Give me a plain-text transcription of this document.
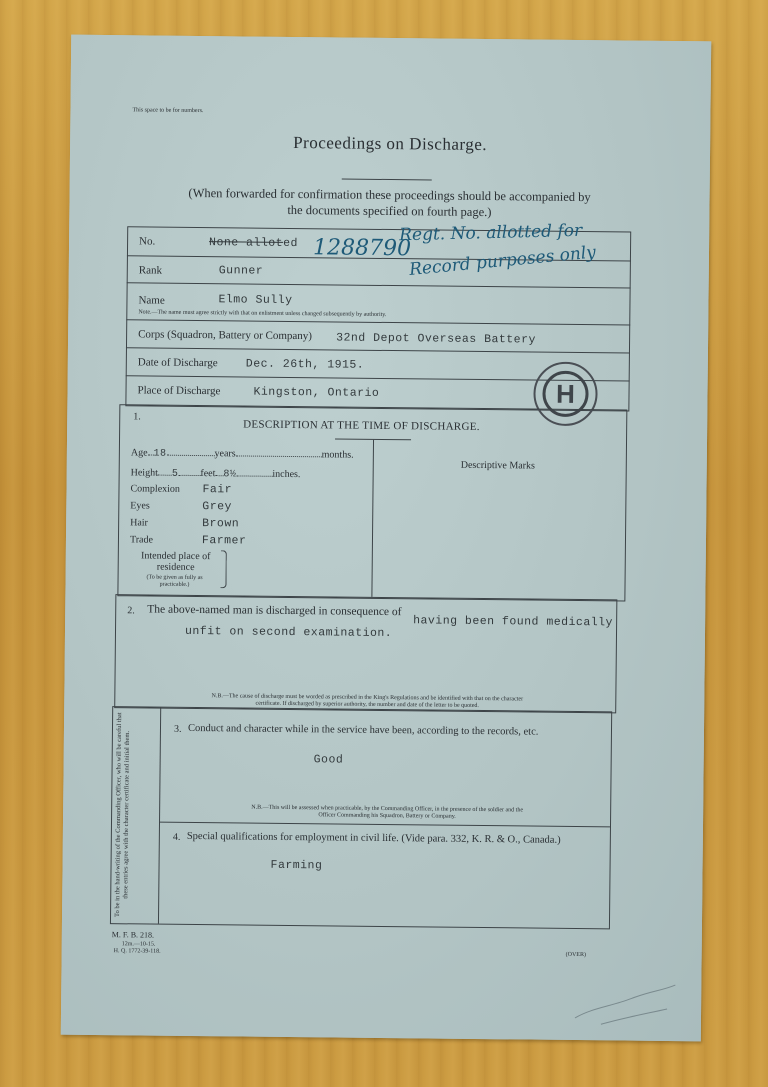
This space to be for numbers.
Proceedings on Discharge.
(When forwarded for confirmation these proceedings should be accompanied by
the documents specified on fourth page.)
No.	None alloted 1288790
Regt. No. allotted for
Record purposes only
Rank	Gunner
Name	Elmo Sully
Note.—The name must agree strictly with that on enlistment unless changed subsequently by authority.
Corps (Squadron, Battery or Company) 32nd Depot Overseas Battery
Date of Discharge Dec. 26th, 1915.
Place of Discharge	Kingston, Ontario	H
1.
DESCRIPTION AT THE TIME OF DISCHARGE.
Age 18	years	months.
Height 5 feet 8½	inches.
Complexion Fair
Eyes	Grey
Hair	Brown
Trade	Farmer
Intended place of
residence
(To be given as fully as
practicable.)
Descriptive Marks
2. The above-named man is discharged in consequence of
having been found medically
unfit on second examination.
N.B.—The cause of discharge must be worded as prescribed in the King's Regulations and be identified with that on the character
certificate. If discharged by superior authority, the number and date of the letter to be quoted.
To be in the hand-writing of the Commanding Officer, who will be careful that these entries agree with the character certificate and initial them.
3. Conduct and character while in the service have been, according to the records, etc.
Good
N.B.—This will be assessed when practicable, by the Commanding Officer, in the presence of the soldier and the
Officer Commanding his Squadron, Battery or Company.
4. Special qualifications for employment in civil life. (Vide para. 332, K. R. & O., Canada.)
Farming
M. F. B. 218.
12m.—10-15.
H. Q. 1772-39-118.
(OVER)
